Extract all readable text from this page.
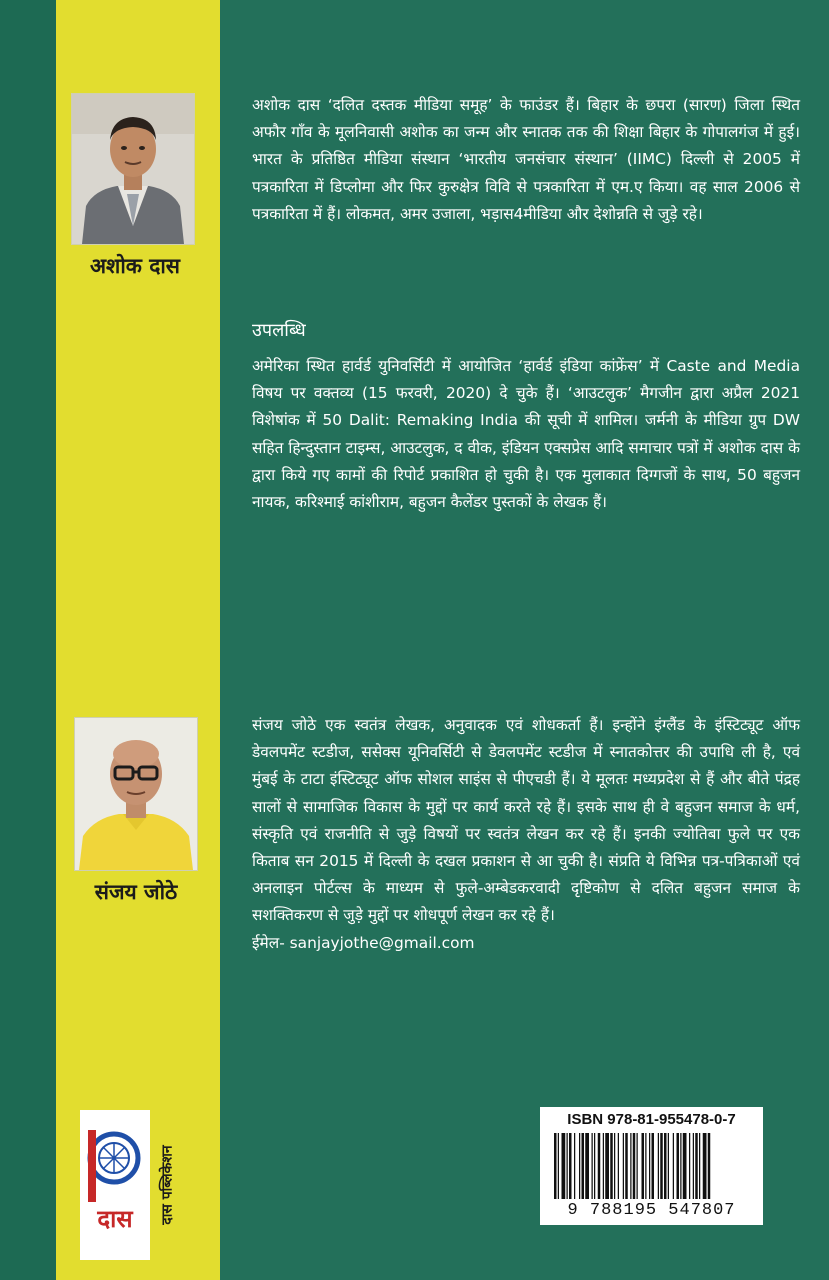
अशोक दास
अशोक दास ‘दलित दस्तक मीडिया समूह’ के फाउंडर हैं। बिहार के छपरा (सारण) जिला स्थित अफौर गाँव के मूलनिवासी अशोक का जन्म और स्नातक तक की शिक्षा बिहार के गोपालगंज में हुई। भारत के प्रतिष्ठित मीडिया संस्थान ‘भारतीय जनसंचार संस्थान’ (IIMC) दिल्ली से 2005 में पत्रकारिता में डिप्लोमा और फिर कुरुक्षेत्र विवि से पत्रकारिता में एम.ए किया। वह साल 2006 से पत्रकारिता में हैं। लोकमत, अमर उजाला, भड़ास4मीडिया और देशोन्नति से जुड़े रहे।
उपलब्धि
अमेरिका स्थित हार्वर्ड युनिवर्सिटी में आयोजित ‘हार्वर्ड इंडिया कांफ्रेंस’ में Caste and Media विषय पर वक्तव्य (15 फरवरी, 2020) दे चुके हैं। ‘आउटलुक’ मैगजीन द्वारा अप्रैल 2021 विशेषांक में 50 Dalit: Remaking India की सूची में शामिल। जर्मनी के मीडिया ग्रुप DW सहित हिन्दुस्तान टाइम्स, आउटलुक, द वीक, इंडियन एक्सप्रेस आदि समाचार पत्रों में अशोक दास के द्वारा किये गए कामों की रिपोर्ट प्रकाशित हो चुकी है। एक मुलाकात दिग्गजों के साथ, 50 बहुजन नायक, करिश्माई कांशीराम, बहुजन कैलेंडर पुस्तकों के लेखक हैं।
संजय जोठे
संजय जोठे एक स्वतंत्र लेखक, अनुवादक एवं शोधकर्ता हैं। इन्होंने इंग्लैंड के इंस्टिट्यूट ऑफ डेवलपमेंट स्टडीज, ससेक्स यूनिवर्सिटी से डेवलपमेंट स्टडीज में स्नातकोत्तर की उपाधि ली है, एवं मुंबई के टाटा इंस्टिट्यूट ऑफ सोशल साइंस से पीएचडी हैं। ये मूलतः मध्यप्रदेश से हैं और बीते पंद्रह सालों से सामाजिक विकास के मुद्दों पर कार्य करते रहे हैं। इसके साथ ही वे बहुजन समाज के धर्म, संस्कृति एवं राजनीति से जुड़े विषयों पर स्वतंत्र लेखन कर रहे हैं। इनकी ज्योतिबा फुले पर एक किताब सन 2015 में दिल्ली के दखल प्रकाशन से आ चुकी है। संप्रति ये विभिन्न पत्र-पत्रिकाओं एवं अनलाइन पोर्टल्स के माध्यम से फुले-अम्बेडकरवादी दृष्टिकोण से दलित बहुजन समाज के सशक्तिकरण से जुड़े मुद्दों पर शोधपूर्ण लेखन कर रहे हैं।
ईमेल- sanjayjothe@gmail.com
दास	दास पब्लिकेशन
ISBN 978-81-955478-0-7
9 788195 547807
